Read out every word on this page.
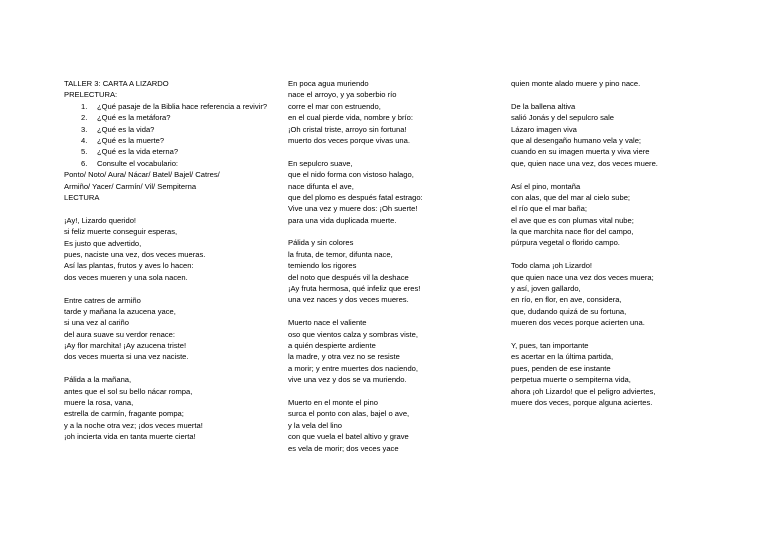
TALLER 3: CARTA A LIZARDO
PRELECTURA:
1. ¿Qué pasaje de la Biblia hace referencia a revivir?
2. ¿Qué es la metáfora?
3. ¿Qué es la vida?
4. ¿Qué es la muerte?
5. ¿Qué es la vida eterna?
6. Consulte el vocabulario:
Ponto/ Noto/ Aura/ Nácar/ Batel/ Bajel/ Catres/
Armiño/ Yacer/ Carmín/ Vil/ Sempiterna
LECTURA
¡Ay!, Lizardo querido!
si feliz muerte conseguir esperas,
Es justo que advertido,
pues, naciste una vez, dos veces mueras.
Así las plantas, frutos y aves lo hacen:
dos veces mueren y una sola nacen.
Entre catres de armiño
tarde y mañana la azucena yace,
si una vez al cariño
del aura suave su verdor renace:
¡Ay flor marchita! ¡Ay azucena triste!
dos veces muerta si una vez naciste.
Pálida a la mañana,
antes que el sol su bello nácar rompa,
muere la rosa, vana,
estrella de carmín, fragante pompa;
y a la noche otra vez; ¡dos veces muerta!
¡oh incierta vida en tanta muerte cierta!
En poca agua muriendo
nace el arroyo, y ya soberbio río
corre el mar con estruendo,
en el cual pierde vida, nombre y brío:
¡Oh cristal triste, arroyo sin fortuna!
muerto dos veces porque vivas una.
En sepulcro suave,
que el nido forma con vistoso halago,
nace difunta el ave,
que del plomo es después fatal estrago:
Vive una vez y muere dos: ¡Oh suerte!
para una vida duplicada muerte.
Pálida y sin colores
la fruta, de temor, difunta nace,
temiendo los rigores
del noto que después vil la deshace
¡Ay fruta hermosa, qué infeliz que eres!
una vez naces y dos veces mueres.
Muerto nace el valiente
oso que vientos calza y sombras viste,
a quién despierte ardiente
la madre, y otra vez no se resiste
a morir; y entre muertes dos naciendo,
vive una vez y dos se va muriendo.
Muerto en el monte el pino
surca el ponto con alas, bajel o ave,
y la vela del lino
con que vuela el batel altivo y grave
es vela de morir; dos veces yace
quien monte alado muere y pino nace.
De la ballena altiva
salió Jonás y del sepulcro sale
Lázaro imagen viva
que al desengaño humano vela y vale;
cuando en su imagen muerta y viva viere
que, quien nace una vez, dos veces muere.
Así el pino, montaña
con alas, que del mar al cielo sube;
el río que el mar baña;
el ave que es con plumas vital nube;
la que marchita nace flor del campo,
púrpura vegetal o florido campo.
Todo clama ¡oh Lizardo!
que quien nace una vez dos veces muera;
y así, joven gallardo,
en río, en flor, en ave, considera,
que, dudando quizá de su fortuna,
mueren dos veces porque acierten una.
Y, pues, tan importante
es acertar en la última partida,
pues, penden de ese instante
perpetua muerte o sempiterna vida,
ahora ¡oh Lizardo! que el peligro adviertes,
muere dos veces, porque alguna aciertes.
